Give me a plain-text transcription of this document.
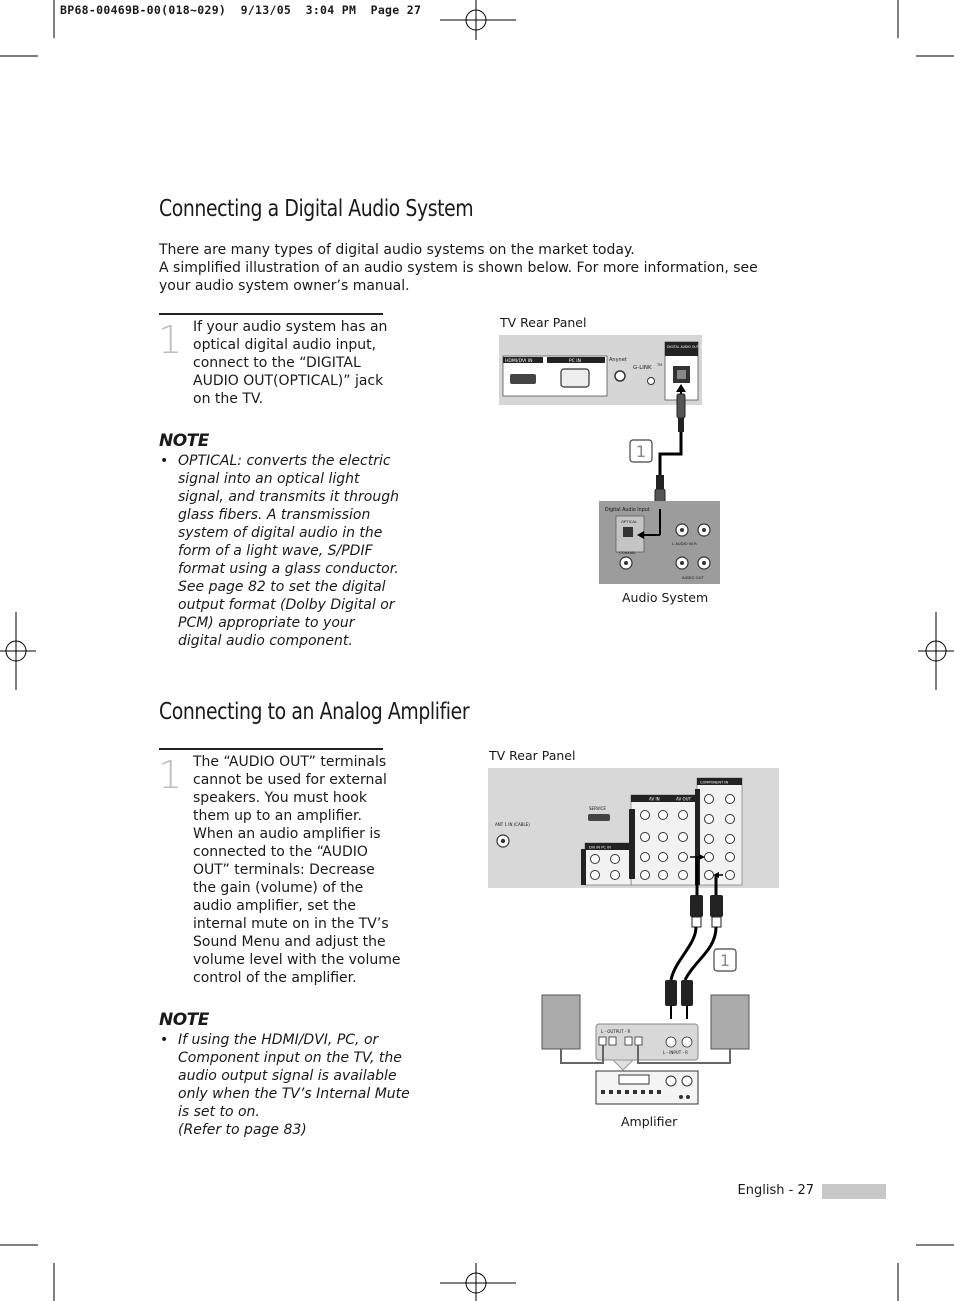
BP68-00469B-00(018~029)  9/13/05  3:04 PM  Page 27
Connecting a Digital Audio System

There are many types of digital audio systems on the market today.

A simplified illustration of an audio system is shown below. For more information, see your audio system owner’s manual.

1 If your audio system has an
optical digital audio input,
connect to the “DIGITAL
AUDIO OUT(OPTICAL)” jack
on the TV.
NOTE
• OPTICAL: converts the electric
signal into an optical light
signal, and transmits it through
glass fibers. A transmission
system of digital audio in the
form of a light wave, S/PDIF
format using a glass conductor.
See page 82 to set the digital
output format (Dolby Digital or
PCM) appropriate to your
digital audio component.
TV Rear Panel
Audio System
HDMI/DVI IN	PC IN	Anynet
G-LINK TM
DIGITAL AUDIO OUT (OPTICAL)
1
Digital Audio Input
OPTICAL
COAXIAL
L AUDIO IN R
AUDIO OUT
Connecting to an Analog Amplifier
1 The “AUDIO OUT” terminals
cannot be used for external
speakers. You must hook
them up to an amplifier.
When an audio amplifier is
connected to the “AUDIO
OUT” terminals: Decrease
the gain (volume) of the
audio amplifier, set the
internal mute on in the TV’s
Sound Menu and adjust the
volume level with the volume
control of the amplifier.
NOTE
• If using the HDMI/DVI, PC, or
Component input on the TV, the
audio output signal is available
only when the TV’s Internal Mute
is set to on.
(Refer to page 83)
TV Rear Panel
Amplifier
ANT 1 IN (CABLE)
SERVICE
AV IN	AV OUT
COMPONENT IN
DVI IN PC IN
1
L - OUTPUT - R
L - INPUT - R
English - 27
